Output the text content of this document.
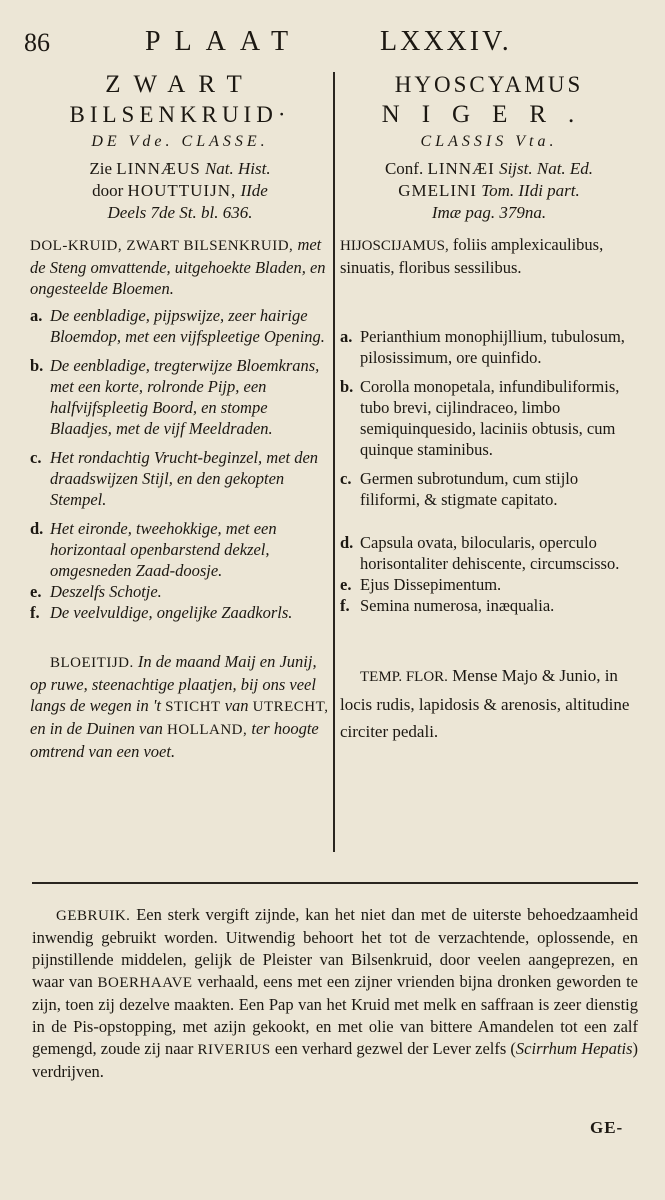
86	PLAAT	LXXXIV.
ZWART
BILSENKRUID·
DE Vde. CLASSE.
Zie LINNÆUS Nat. Hist.
door HOUTTUIJN, IIde
Deels 7de St. bl. 636.
DOL-KRUID, ZWART BILSENKRUID, met de Steng omvattende, uitgehoekte Bladen, en ongesteelde Bloemen.
a. De eenbladige, pijpswijze, zeer hairige Bloemdop, met een vijfspleetige Opening.
b. De eenbladige, tregterwijze Bloemkrans, met een korte, rolronde Pijp, een halfvijfspleetig Boord, en stompe Blaadjes, met de vijf Meeldraden.
c. Het rondachtig Vrucht-beginzel, met den draadswijzen Stijl, en den gekopten Stempel.
d. Het eironde, tweehokkige, met een horizontaal openbarstend dekzel, omgesneden Zaad-doosje.
e. Deszelfs Schotje.
f. De veelvuldige, ongelijke Zaadkorls.
BLOEITIJD. In de maand Maij en Junij, op ruwe, steenachtige plaatjen, bij ons veel langs de wegen in 't STICHT van UTRECHT, en in de Duinen van HOLLAND, ter hoogte omtrend van een voet.
HYOSCYAMUS
NIGER.
CLASSIS Vta.
Conf. LINNÆI Sijst. Nat. Ed.
GMELINI Tom. IIdi part.
Imæ pag. 379na.
HIJOSCIJAMUS, foliis amplexicaulibus, sinuatis, floribus sessilibus.
a. Perianthium monophijllium, tubulosum, pilosissimum, ore quinfido.
b. Corolla monopetala, infundibuliformis, tubo brevi, cijlindraceo, limbo semiquinquesido, laciniis obtusis, cum quinque staminibus.
c. Germen subrotundum, cum stijlo filiformi, & stigmate capitato.
d. Capsula ovata, bilocularis, operculo horisontaliter dehiscente, circumscisso.
e. Ejus Dissepimentum.
f. Semina numerosa, inæqualia.
TEMP. FLOR. Mense Majo & Junio, in locis rudis, lapidosis & arenosis, altitudine circiter pedali.
GEBRUIK. Een sterk vergift zijnde, kan het niet dan met de uiterste behoedzaamheid inwendig gebruikt worden. Uitwendig behoort het tot de verzachtende, oplossende, en pijnstillende middelen, gelijk de Pleister van Bilsenkruid, door veelen aangeprezen, en waar van BOERHAAVE verhaald, eens met een zijner vrienden bijna dronken geworden te zijn, toen zij dezelve maakten. Een Pap van het Kruid met melk en saffraan is zeer dienstig in de Pis-opstopping, met azijn gekookt, en met olie van bittere Amandelen tot een zalf gemengd, zoude zij naar RIVERIUS een verhard gezwel der Lever zelfs (Scirrhum Hepatis) verdrijven.
GE-
